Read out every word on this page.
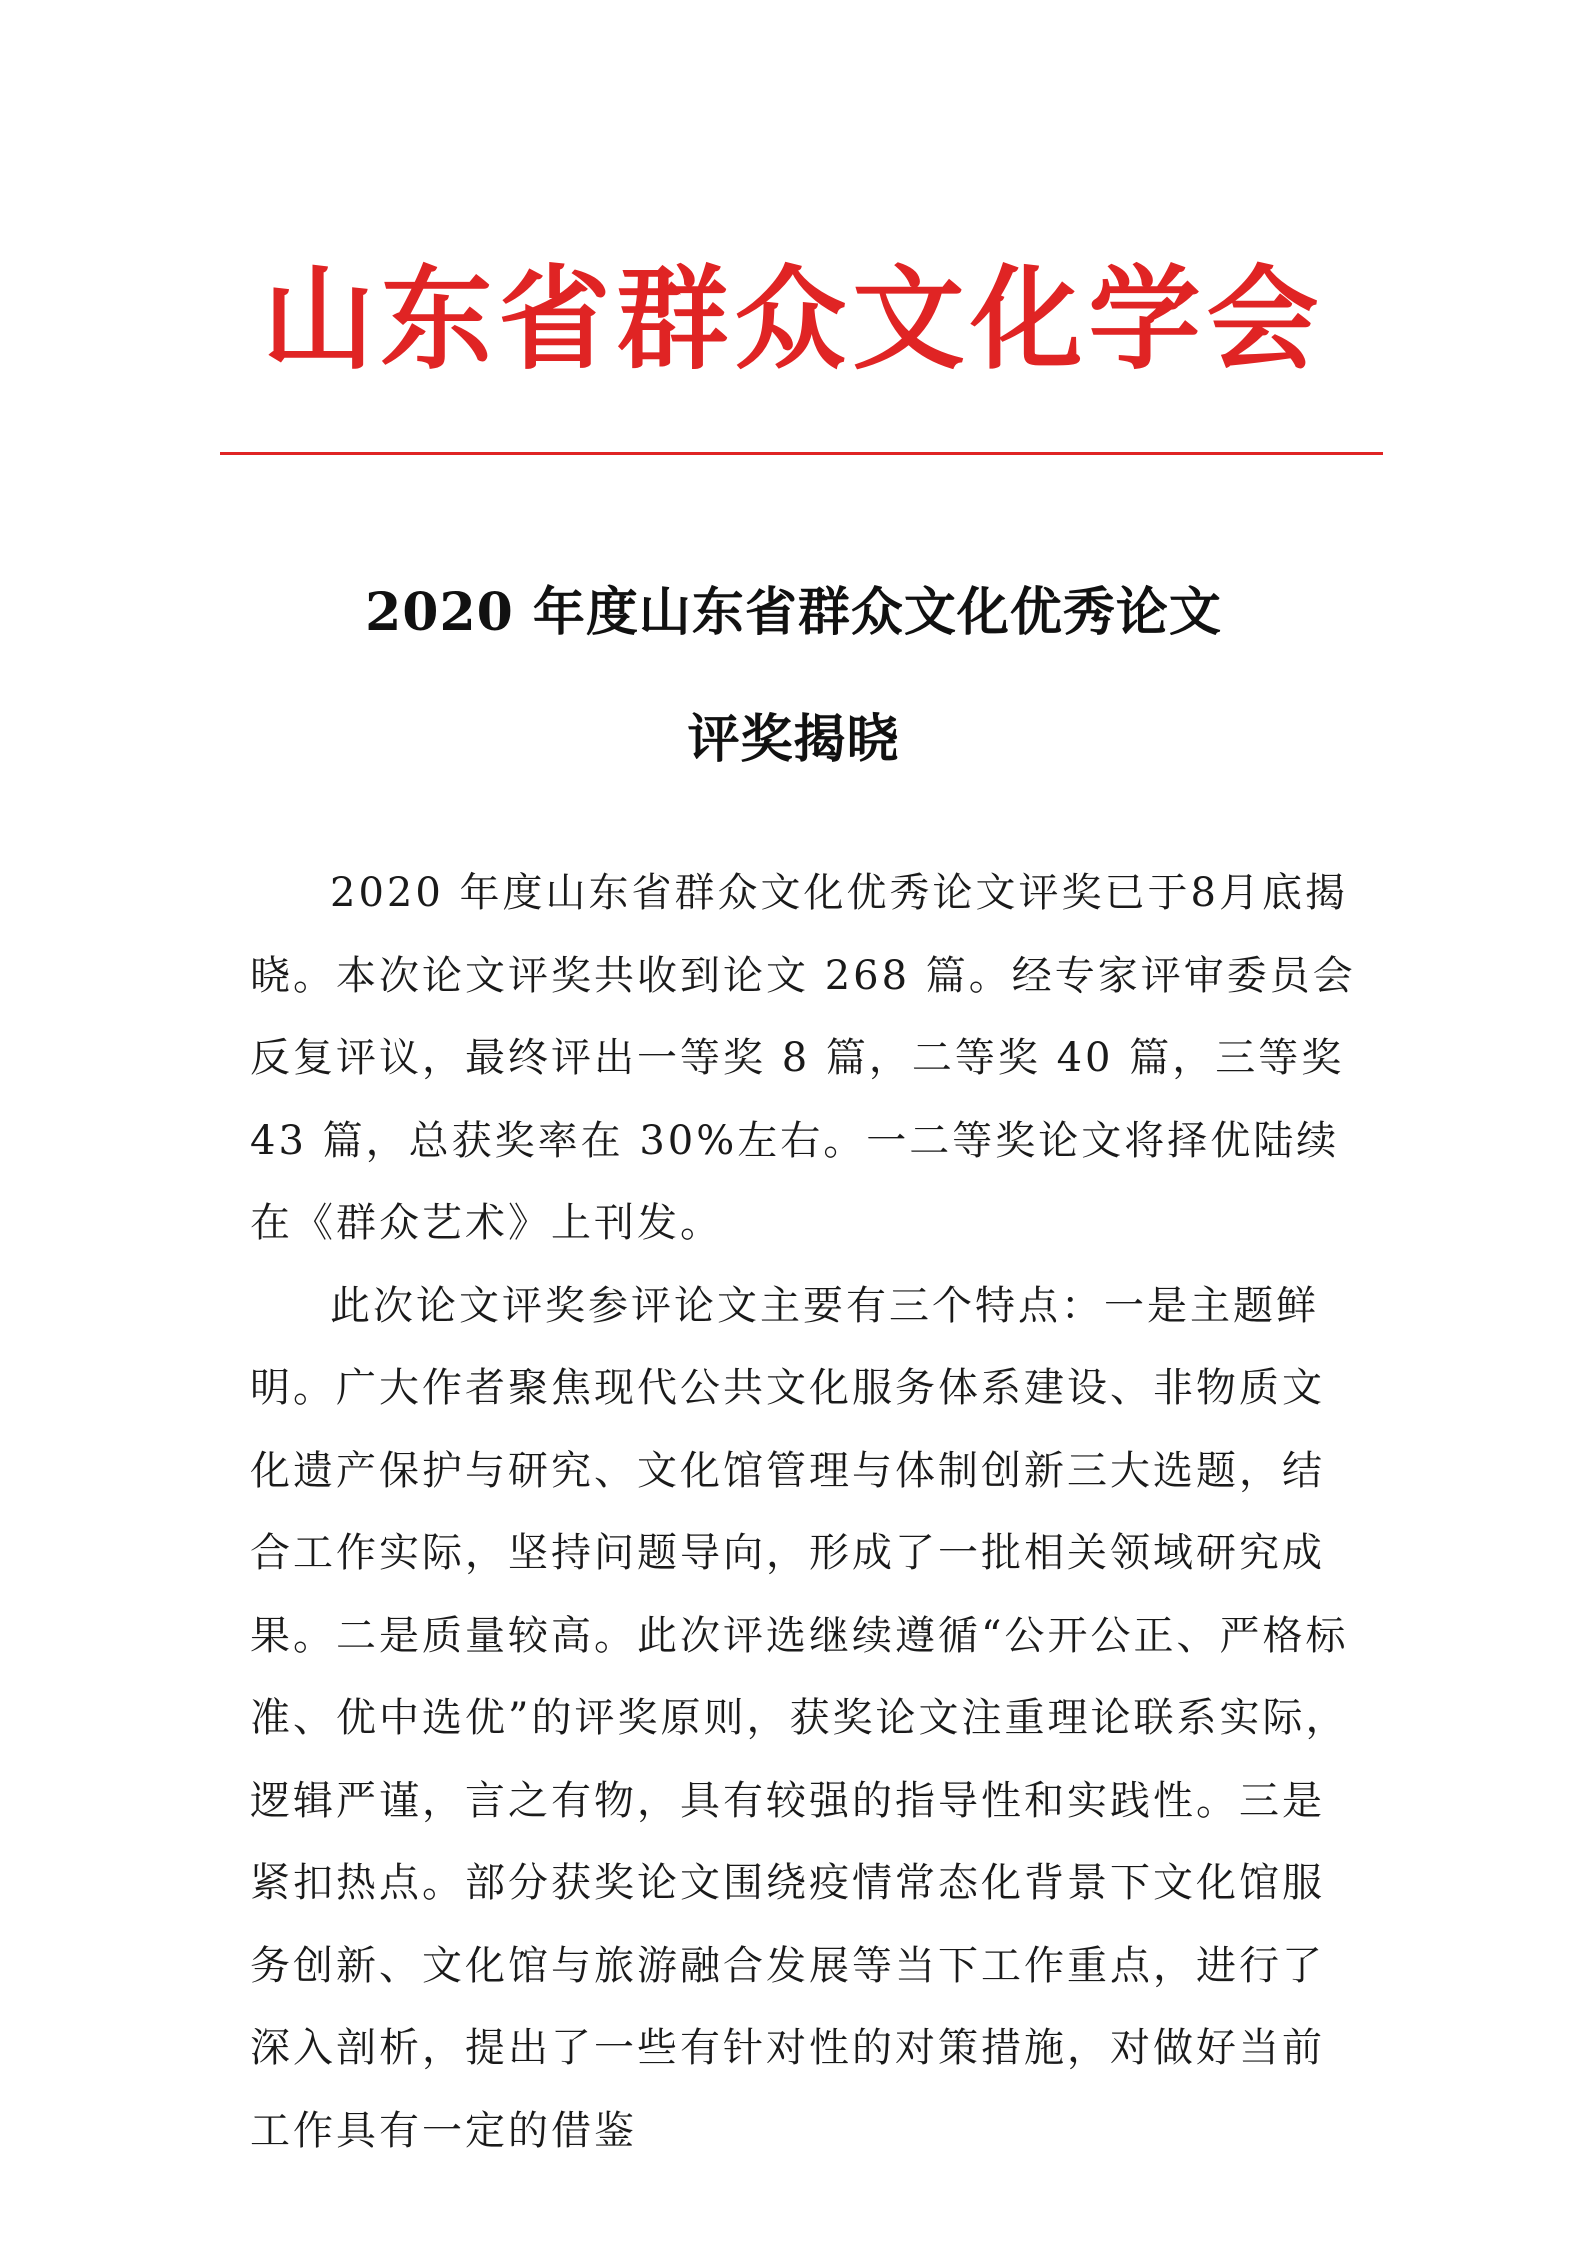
山东省群众文化学会
2020 年度山东省群众文化优秀论文
评奖揭晓

2020 年度山东省群众文化优秀论文评奖已于8月底揭晓。本次论文评奖共收到论文 268 篇。经专家评审委员会反复评议，最终评出一等奖 8 篇，二等奖 40 篇，三等奖 43 篇，总获奖率在 30%左右。一二等奖论文将择优陆续在《群众艺术》上刊发。

此次论文评奖参评论文主要有三个特点：一是主题鲜明。广大作者聚焦现代公共文化服务体系建设、非物质文化遗产保护与研究、文化馆管理与体制创新三大选题，结合工作实际，坚持问题导向，形成了一批相关领域研究成果。二是质量较高。此次评选继续遵循“公开公正、严格标准、优中选优”的评奖原则，获奖论文注重理论联系实际，逻辑严谨，言之有物，具有较强的指导性和实践性。三是紧扣热点。部分获奖论文围绕疫情常态化背景下文化馆服务创新、文化馆与旅游融合发展等当下工作重点，进行了深入剖析，提出了一些有针对性的对策措施，对做好当前工作具有一定的借鉴
